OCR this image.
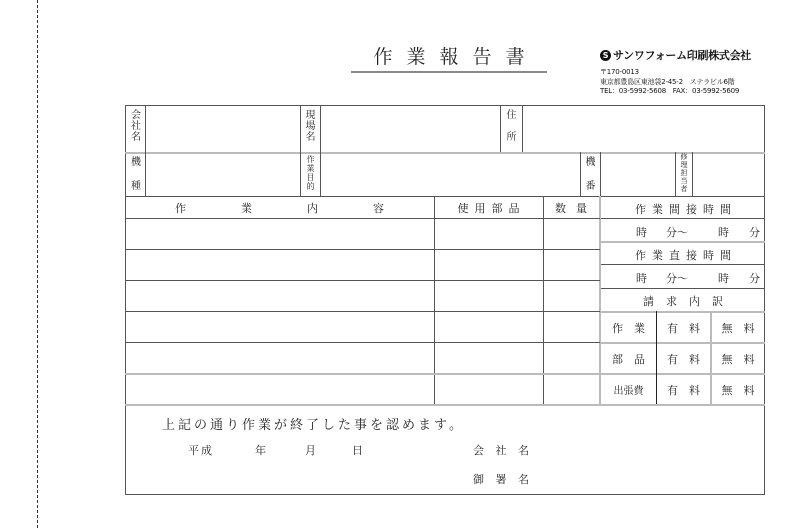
作業報告書	S サンワフォーム印刷株式会社
〒170-0013
東京都豊島区東池袋2-45-2　ステラビル6階
TEL：03-5992-5608　FAX：03-5992-5609
会
社
名
現
場
名
住
所
機
種
作
業
目
的
機
番
修
理
担
当
者
作　業　内　容	使用部品	数量	作業間接時間
時 分〜	時 分
作業直接時間
時 分〜	時 分
請求内訳
作　業	有　料	無　料
部　品	有　料	無　料
出張費	有　料	無　料
上記の通り作業が終了した事を認めます。
平成	年	月	日	会 社 名
御 署 名
